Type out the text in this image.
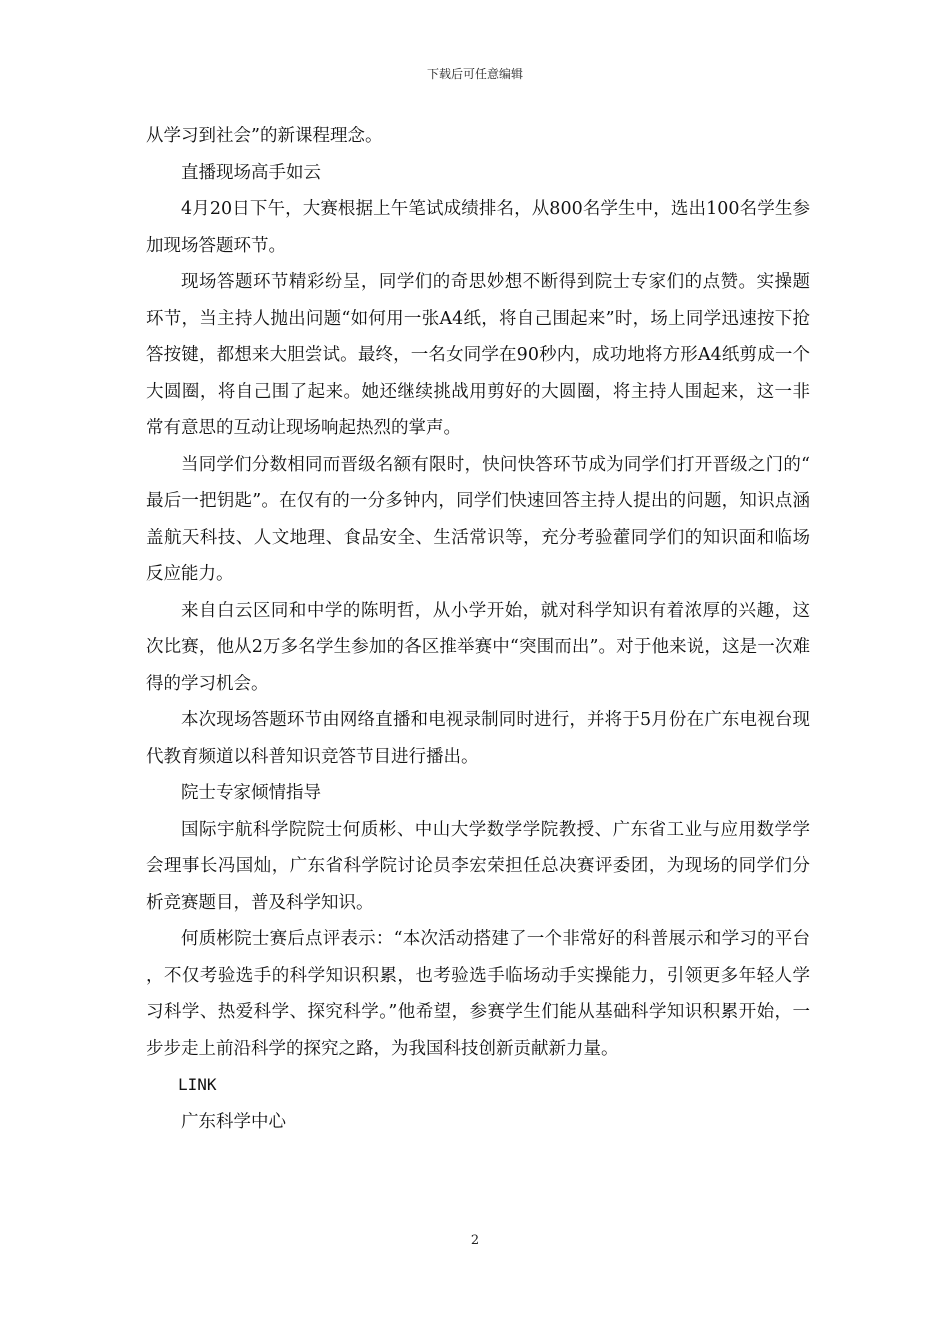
下载后可任意编辑

从学习到社会”的新课程理念。

直播现场高手如云

4月20日下午，大赛根据上午笔试成绩排名，从800名学生中，选出100名学生参加现场答题环节。

现场答题环节精彩纷呈，同学们的奇思妙想不断得到院士专家们的点赞。实操题环节，当主持人抛出问题“如何用一张A4纸，将自己围起来”时，场上同学迅速按下抢答按键，都想来大胆尝试。最终，一名女同学在90秒内，成功地将方形A4纸剪成一个大圆圈，将自己围了起来。她还继续挑战用剪好的大圆圈，将主持人围起来，这一非常有意思的互动让现场响起热烈的掌声。

当同学们分数相同而晋级名额有限时，快问快答环节成为同学们打开晋级之门的“最后一把钥匙”。在仅有的一分多钟内，同学们快速回答主持人提出的问题，知识点涵盖航天科技、人文地理、食品安全、生活常识等，充分考验藿同学们的知识面和临场反应能力。

来自白云区同和中学的陈明哲，从小学开始，就对科学知识有着浓厚的兴趣，这次比赛，他从2万多名学生参加的各区推举赛中“突围而出”。对于他来说，这是一次难得的学习机会。

本次现场答题环节由网络直播和电视录制同时进行，并将于5月份在广东电视台现代教育频道以科普知识竞答节目进行播出。

院士专家倾情指导

国际宇航科学院院士何质彬、中山大学数学学院教授、广东省工业与应用数学学会理事长冯国灿，广东省科学院讨论员李宏荣担任总决赛评委团，为现场的同学们分析竞赛题目，普及科学知识。

何质彬院士赛后点评表示：“本次活动搭建了一个非常好的科普展示和学习的平台，不仅考验选手的科学知识积累，也考验选手临场动手实操能力，引领更多年轻人学习科学、热爱科学、探究科学。”他希望，参赛学生们能从基础科学知识积累开始，一步步走上前沿科学的探究之路，为我国科技创新贡献新力量。

LINK

广东科学中心

2
